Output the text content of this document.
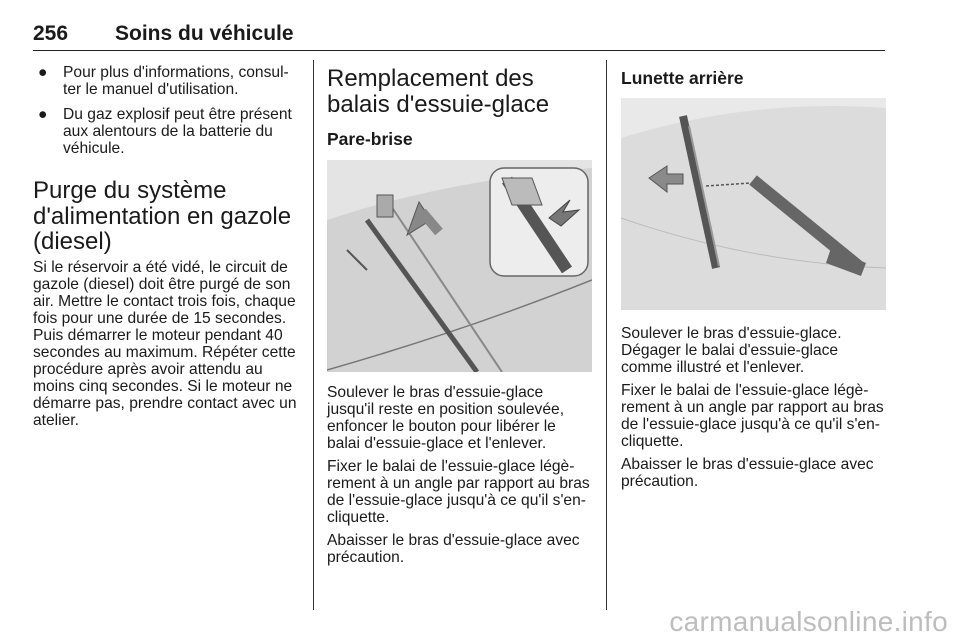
256 Soins du véhicule
● Pour plus d'informations, consulter le manuel d'utilisation.
● Du gaz explosif peut être présent aux alentours de la batterie du véhicule.
Purge du système d'alimentation en gazole (diesel)

Si le réservoir a été vidé, le circuit de gazole (diesel) doit être purgé de son air. Mettre le contact trois fois, chaque fois pour une durée de 15 secondes. Puis démarrer le moteur pendant 40 secondes au maximum. Répéter cette procédure après avoir attendu au moins cinq secondes. Si le moteur ne démarre pas, prendre contact avec un atelier.

Remplacement des balais d'essuie-glace
Pare-brise

Soulever le bras d'essuie-glace jusqu'il reste en position soulevée, enfoncer le bouton pour libérer le balai d'essuie-glace et l'enlever.

Fixer le balai de l'essuie-glace légèrement à un angle par rapport au bras de l'essuie-glace jusqu'à ce qu'il s'encliquette.

Abaisser le bras d'essuie-glace avec précaution.

Lunette arrière

Soulever le bras d'essuie-glace. Dégager le balai d'essuie-glace comme illustré et l'enlever.

Fixer le balai de l'essuie-glace légèrement à un angle par rapport au bras de l'essuie-glace jusqu'à ce qu'il s'encliquette.

Abaisser le bras d'essuie-glace avec précaution.

carmanualsonline.info
